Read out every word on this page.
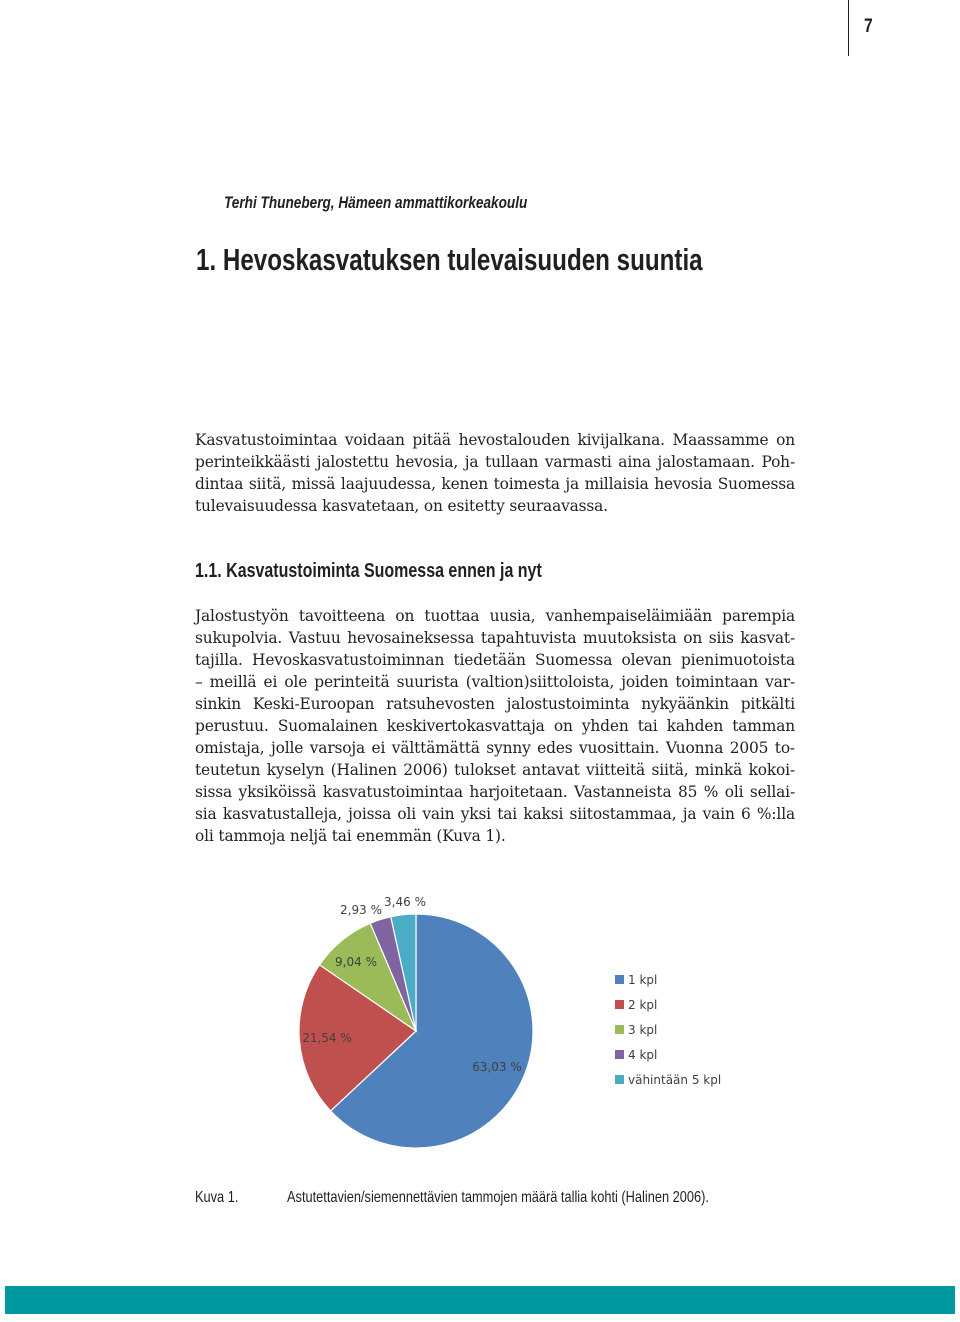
7
Terhi Thuneberg, Hämeen ammattikorkeakoulu
1. Hevoskasvatuksen tulevaisuuden suuntia

Kasvatustoimintaa voidaan pitää hevostalouden kivijalkana. Maassamme on
perinteikkäästi jalostettu hevosia, ja tullaan varmasti aina jalostamaan. Poh-
dintaa siitä, missä laajuudessa, kenen toimesta ja millaisia hevosia Suomessa
tulevaisuudessa kasvatetaan, on esitetty seuraavassa.

1.1. Kasvatustoiminta Suomessa ennen ja nyt

Jalostustyön tavoitteena on tuottaa uusia, vanhempaiseläimiään parempia
sukupolvia. Vastuu hevosaineksessa tapahtuvista muutoksista on siis kasvat-
tajilla. Hevoskasvatustoiminnan tiedetään Suomessa olevan pienimuotoista
– meillä ei ole perinteitä suurista (valtion)siittoloista, joiden toimintaan var-
sinkin Keski-Euroopan ratsuhevosten jalostustoiminta nykyäänkin pitkälti
perustuu. Suomalainen keskivertokasvattaja on yhden tai kahden tamman
omistaja, jolle varsoja ei välttämättä synny edes vuosittain. Vuonna 2005 to-
teutetun kyselyn (Halinen 2006) tulokset antavat viitteitä siitä, minkä kokoi-
sissa yksiköissä kasvatustoimintaa harjoitetaan. Vastanneista 85 % oli sellai-
sia kasvatustalleja, joissa oli vain yksi tai kaksi siitostammaa, ja vain 6 %:lla
oli tammoja neljä tai enemmän (Kuva 1).

63,03 %
21,54 %
9,04 %
2,93 %
3,46 %
1 kpl
2 kpl
3 kpl
4 kpl
vähintään 5 kpl
Kuva 1.	Astutettavien/siemennettävien tammojen määrä tallia kohti (Halinen 2006).
